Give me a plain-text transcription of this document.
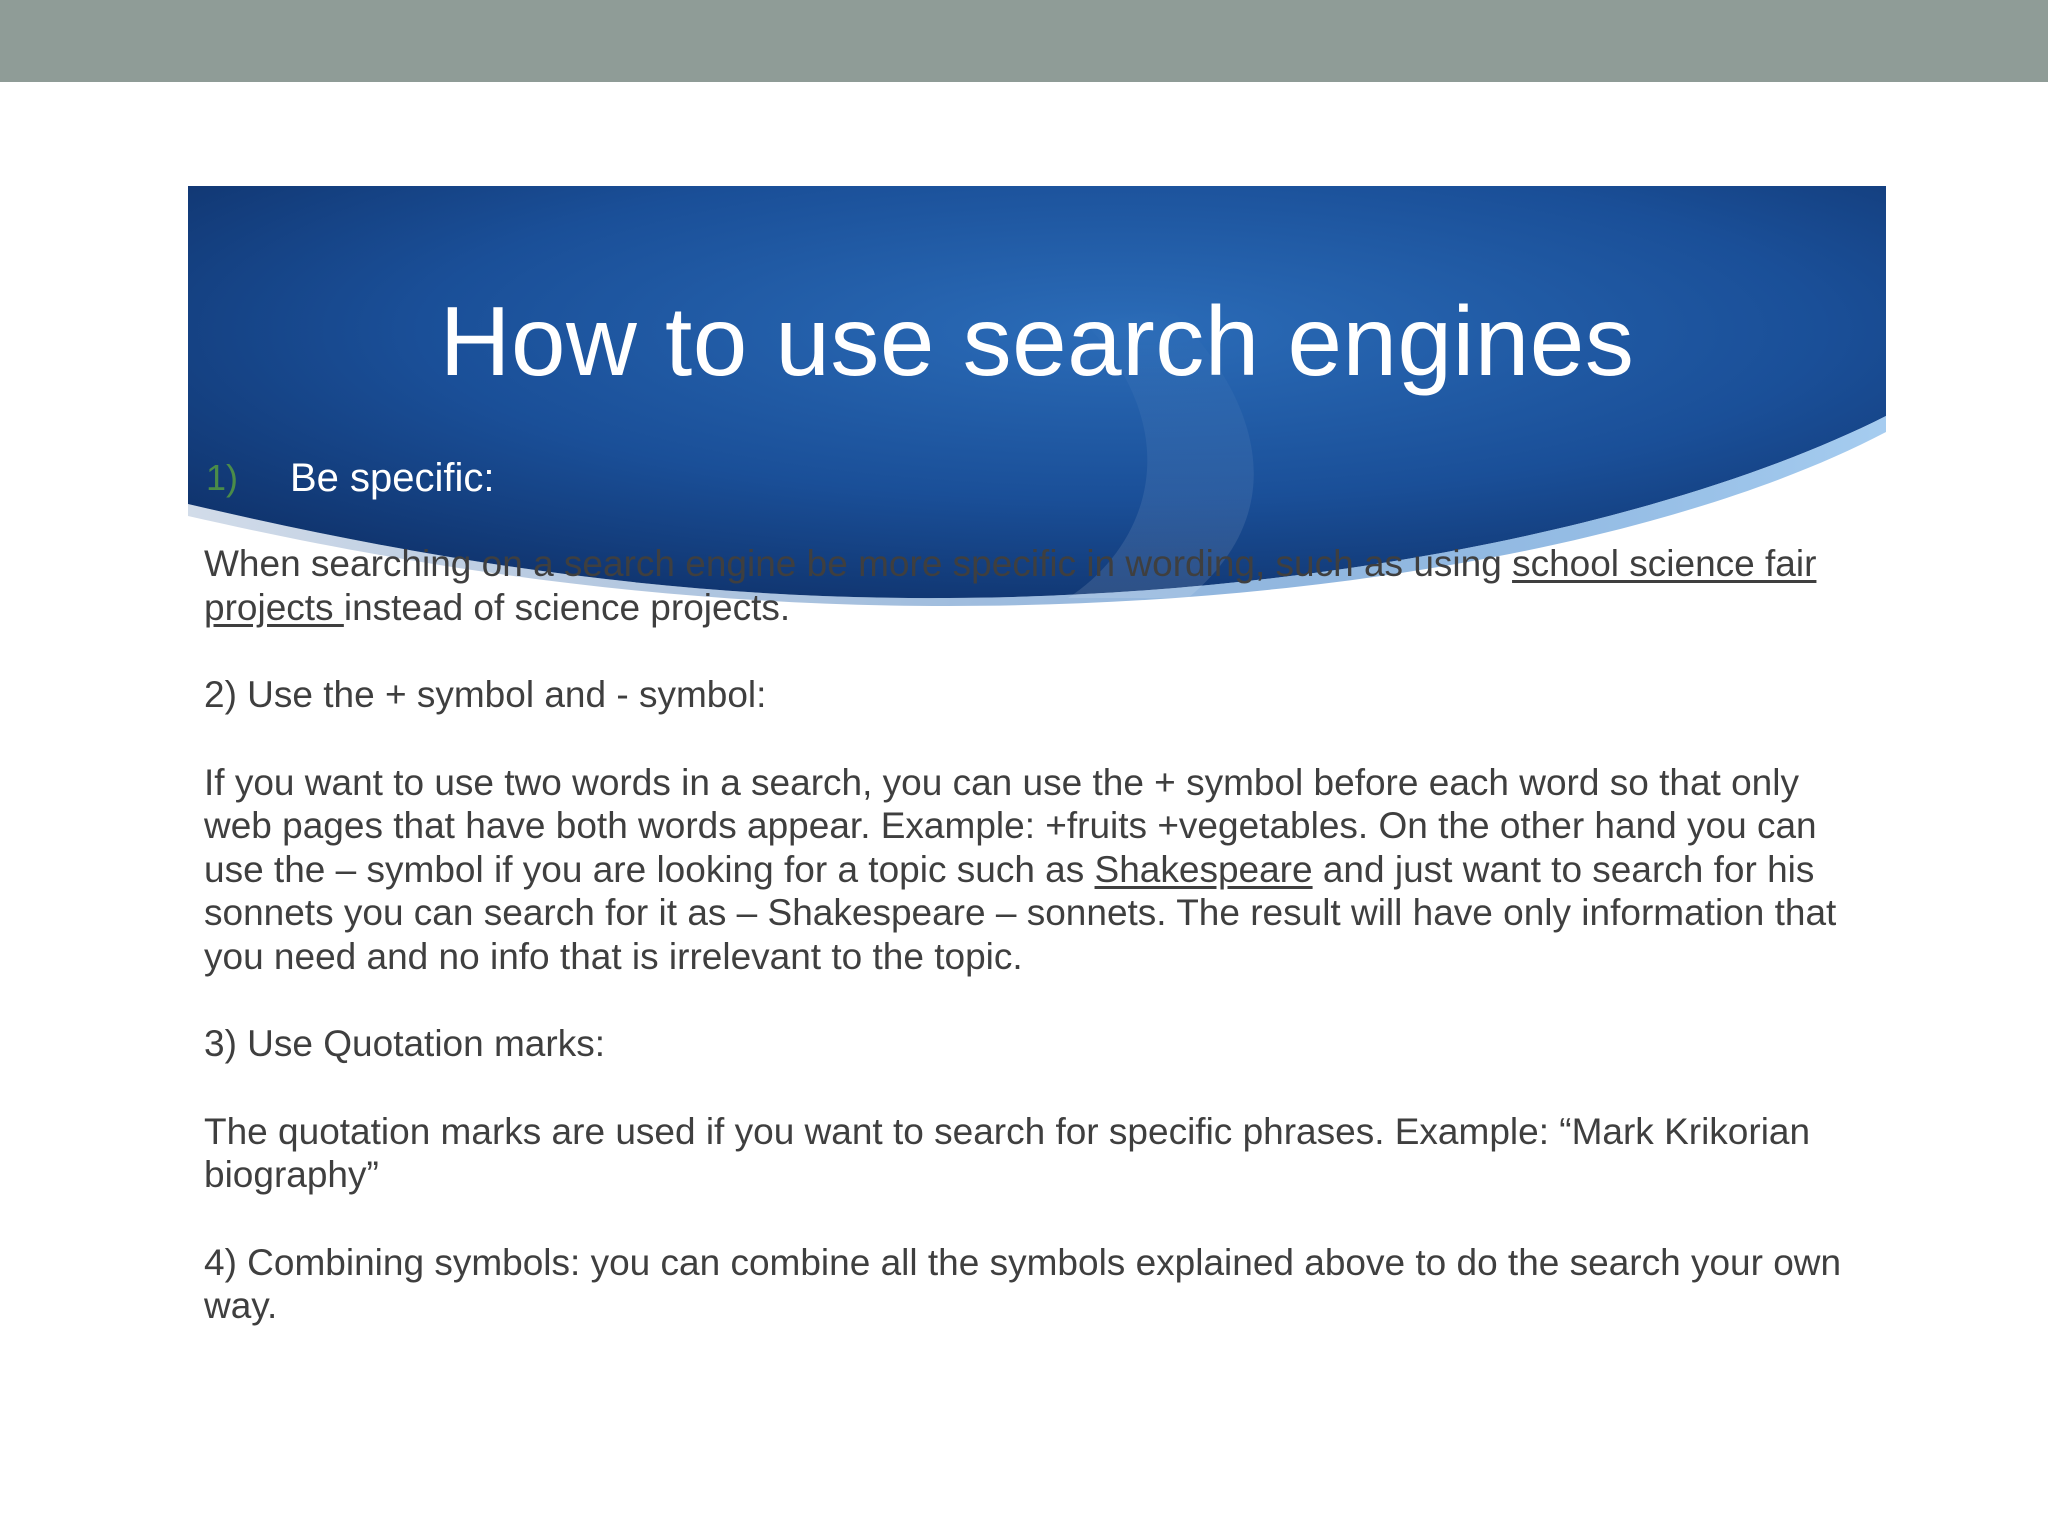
How to use search engines
1) Be specific:

When searching on a search engine be more specific in wording, such as using school science fair projects instead of science projects.

2) Use the + symbol and - symbol:

If you want to use two words in a search, you can use the + symbol before each word so that only web pages that have both words appear. Example: +fruits +vegetables. On the other hand you can use the – symbol if you are looking for a topic such as Shakespeare and just want to search for his sonnets you can search for it as – Shakespeare – sonnets. The result will have only information that you need and no info that is irrelevant to the topic.

3) Use Quotation marks:

The quotation marks are used if you want to search for specific phrases. Example: “Mark Krikorian biography”

4) Combining symbols: you can combine all the symbols explained above to do the search your own way.
